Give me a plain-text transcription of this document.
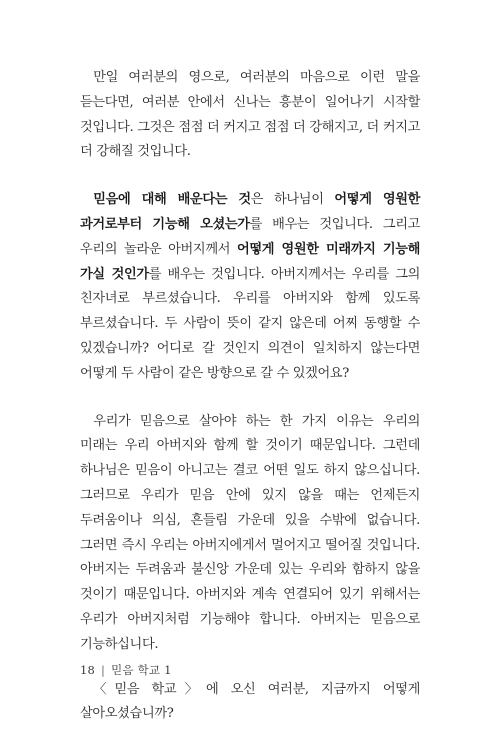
만일 여러분의 영으로, 여러분의 마음으로 이런 말을 듣는다면, 여러분 안에서 신나는 흥분이 일어나기 시작할 것입니다. 그것은 점점 더 커지고 점점 더 강해지고, 더 커지고 더 강해질 것입니다.

믿음에 대해 배운다는 것은 하나님이 어떻게 영원한 과거로부터 기능해 오셨는가를 배우는 것입니다. 그리고 우리의 놀라운 아버지께서 어떻게 영원한 미래까지 기능해 가실 것인가를 배우는 것입니다. 아버지께서는 우리를 그의 친자녀로 부르셨습니다. 우리를 아버지와 함께 있도록 부르셨습니다. 두 사람이 뜻이 같지 않은데 어찌 동행할 수 있겠습니까? 어디로 갈 것인지 의견이 일치하지 않는다면 어떻게 두 사람이 같은 방향으로 갈 수 있겠어요?

우리가 믿음으로 살아야 하는 한 가지 이유는 우리의 미래는 우리 아버지와 함께 할 것이기 때문입니다. 그런데 하나님은 믿음이 아니고는 결코 어떤 일도 하지 않으십니다. 그러므로 우리가 믿음 안에 있지 않을 때는 언제든지 두려움이나 의심, 흔들림 가운데 있을 수밖에 없습니다. 그러면 즉시 우리는 아버지에게서 멀어지고 떨어질 것입니다. 아버지는 두려움과 불신앙 가운데 있는 우리와 함하지 않을 것이기 때문입니다. 아버지와 계속 연결되어 있기 위해서는 우리가 아버지처럼 기능해야 합니다. 아버지는 믿음으로 기능하십니다.

〈믿음 학교〉에 오신 여러분, 지금까지 어떻게 살아오셨습니까?

18 | 믿음 학교 1
